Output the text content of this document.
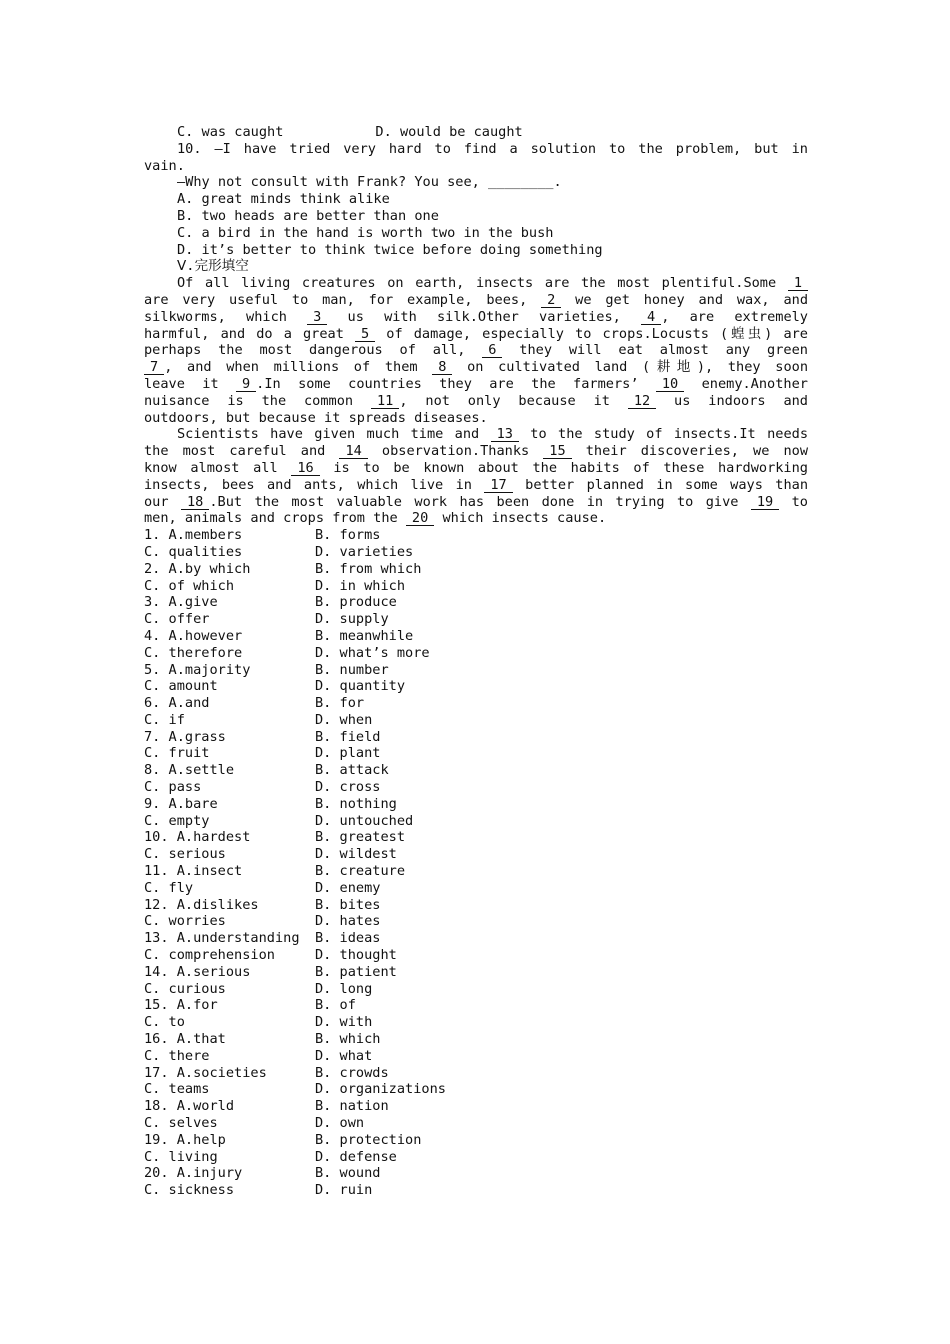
C. was caught	D. would be caught
10. —I have tried very hard to find a solution to the problem, but in
vain.
—Why not consult with Frank? You see, ________.
A. great minds think alike
B. two heads are better than one
C. a bird in the hand is worth two in the bush
D. it’s better to think twice before doing something
Ⅴ.完形填空
Of all living creatures on earth, insects are the most plentiful.Some 1
are very useful to man, for example, bees, 2 we get honey and wax, and
silkworms, which 3 us with silk.Other varieties, 4 , are extremely
harmful, and do a great 5 of damage, especially to crops.Locusts (蝗虫) are
perhaps the most dangerous of all, 6 they will eat almost any green
7 , and when millions of them 8 on cultivated land (耕地), they soon
leave it 9 .In some countries they are the farmers’ 10 enemy.Another
nuisance is the common 11 , not only because it 12 us indoors and
outdoors, but because it spreads diseases.
Scientists have given much time and 13 to the study of insects.It needs
the most careful and 14 observation.Thanks 15 their discoveries, we now
know almost all 16 is to be known about the habits of these hardworking
insects, bees and ants, which live in 17 better planned in some ways than
our 18 .But the most valuable work has been done in trying to give 19 to
men, animals and crops from the 20 which insects cause.
1. A.members	B. forms
C. qualities	D. varieties
2. A.by which	B. from which
C. of which	D. in which
3. A.give	B. produce
C. offer	D. supply
4. A.however	B. meanwhile
C. therefore	D. what’s more
5. A.majority	B. number
C. amount	D. quantity
6. A.and	B. for
C. if	D. when
7. A.grass	B. field
C. fruit	D. plant
8. A.settle	B. attack
C. pass	D. cross
9. A.bare	B. nothing
C. empty	D. untouched
10. A.hardest	B. greatest
C. serious	D. wildest
11. A.insect	B. creature
C. fly	D. enemy
12. A.dislikes	B. bites
C. worries	D. hates
13. A.understanding B. ideas
C. comprehension	D. thought
14. A.serious	B. patient
C. curious	D. long
15. A.for	B. of
C. to	D. with
16. A.that	B. which
C. there	D. what
17. A.societies	B. crowds
C. teams	D. organizations
18. A.world	B. nation
C. selves	D. own
19. A.help	B. protection
C. living	D. defense
20. A.injury	B. wound
C. sickness	D. ruin
